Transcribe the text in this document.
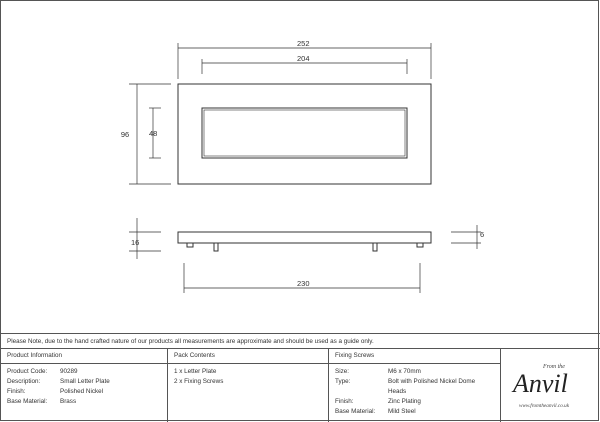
252
204
96	48
16
6
230
Please Note, due to the hand crafted nature of our products all measurements are approximate and should be used as a guide only.
Product Information
Product Code: 90289
Description:	Small Letter Plate
Finish:	Polished Nickel
Base Material: Brass
Pack Contents
1 x Letter Plate
2 x Fixing Screws
Fixing Screws
Size:	M6 x 70mm
Type:	Bolt with Polished Nickel Dome
Heads
Finish:	Zinc Plating
Base Material: Mild Steel
From the
Anvil
www.fromtheanvil.co.uk
